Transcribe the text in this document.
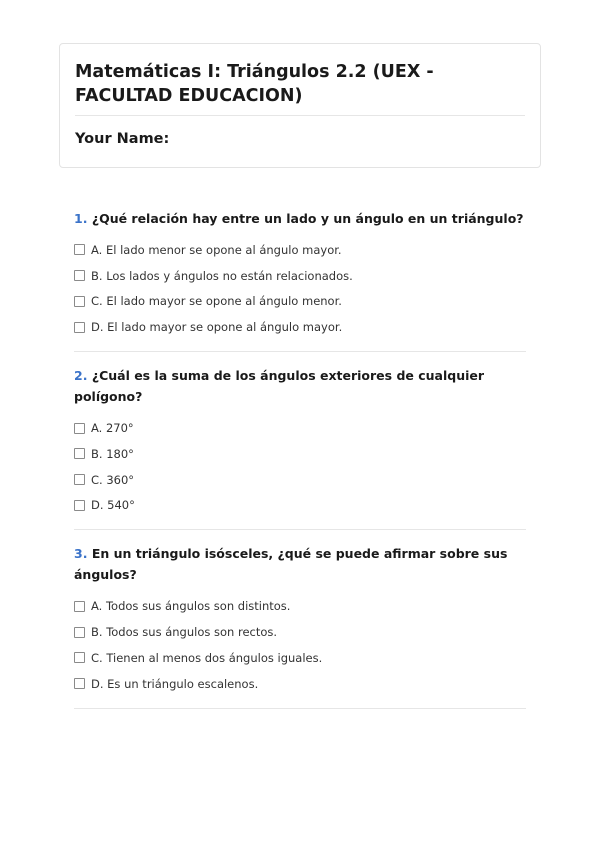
Matemáticas I: Triángulos 2.2 (UEX - FACULTAD EDUCACION)
Your Name:

1. ¿Qué relación hay entre un lado y un ángulo en un triángulo?

A. El lado menor se opone al ángulo mayor.
B. Los lados y ángulos no están relacionados.
C. El lado mayor se opone al ángulo menor.
D. El lado mayor se opone al ángulo mayor.

2. ¿Cuál es la suma de los ángulos exteriores de cualquier polígono?

A. 270°
B. 180°
C. 360°
D. 540°

3. En un triángulo isósceles, ¿qué se puede afirmar sobre sus ángulos?

A. Todos sus ángulos son distintos.
B. Todos sus ángulos son rectos.
C. Tienen al menos dos ángulos iguales.
D. Es un triángulo escalenos.
